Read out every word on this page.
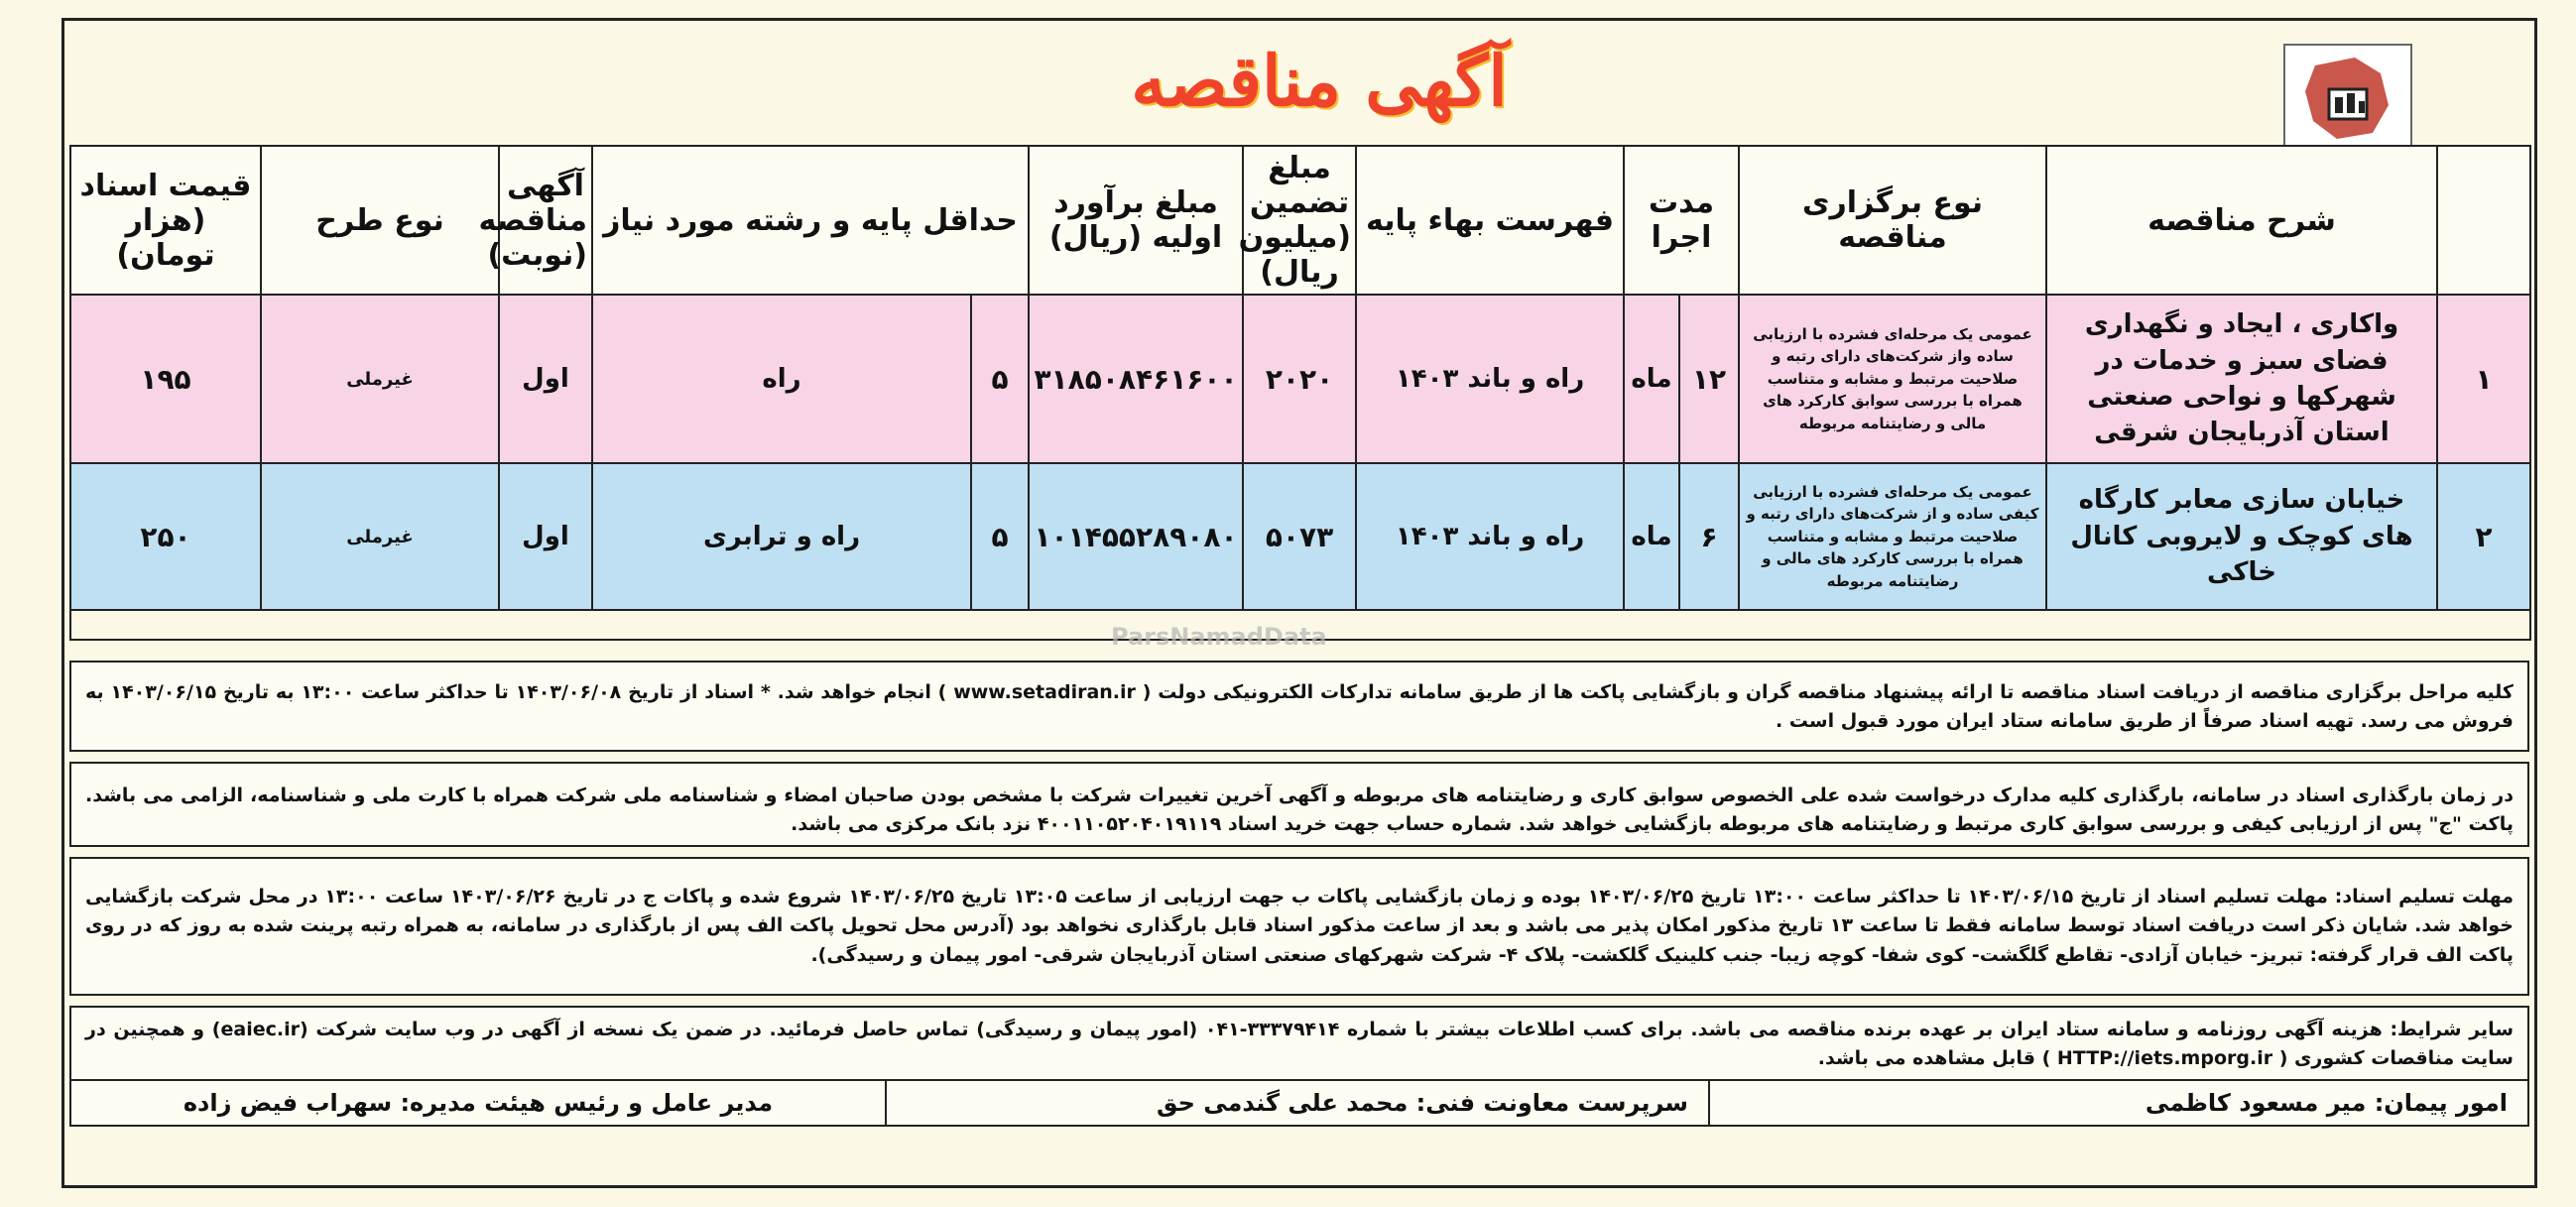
آگهی مناقصه
	شرح مناقصه	نوع برگزاری مناقصه	مدت اجرا		فهرست بهاء پایه	مبلغ تضمین (میلیون ریال)	مبلغ برآورد اولیه (ریال)	حداقل پایه و رشته مورد نیاز		آگهی مناقصه (نوبت)	نوع طرح	قیمت اسناد (هزار تومان)
۱	واکاری ، ایجاد و نگهداری فضای سبز و خدمات در شهرکها و نواحی صنعتی استان آذربایجان شرقی	عمومی یک مرحله‌ای فشرده با ارزیابی ساده واز شرکت‌های دارای رتبه و صلاحیت مرتبط و مشابه و متناسب همراه با بررسی سوابق کارکرد های مالی و رضایتنامه مربوطه	۱۲	ماه	راه و باند ۱۴۰۳	۲۰۲۰	۳۱۸۵۰۸۴۶۱۶۰۰	۵	راه	اول	غیرملی	۱۹۵
۲	خیابان سازی معابر کارگاه های کوچک و لایروبی کانال خاکی	عمومی یک مرحله‌ای فشرده با ارزیابی کیفی ساده و از شرکت‌های دارای رتبه و صلاحیت مرتبط و مشابه و متناسب همراه با بررسی کارکرد های مالی و رضایتنامه مربوطه	۶	ماه	راه و باند ۱۴۰۳	۵۰۷۳	۱۰۱۴۵۵۲۸۹۰۸۰	۵	راه و ترابری	اول	غیرملی	۲۵۰

ParsNamadData
کلیه مراحل برگزاری مناقصه از دریافت اسناد مناقصه تا ارائه پیشنهاد مناقصه گران و بازگشایی پاکت ها از طریق سامانه تدارکات الکترونیکی دولت ( www.setadiran.ir ) انجام خواهد شد. * اسناد از تاریخ ۱۴۰۳/۰۶/۰۸ تا حداکثر ساعت ۱۳:۰۰ به تاریخ ۱۴۰۳/۰۶/۱۵ به فروش می رسد. تهیه اسناد صرفاً از طریق سامانه ستاد ایران مورد قبول است .
در زمان بارگذاری اسناد در سامانه، بارگذاری کلیه مدارک درخواست شده علی الخصوص سوابق کاری و رضایتنامه های مربوطه و آگهی آخرین تغییرات شرکت با مشخص بودن صاحبان امضاء و شناسنامه ملی شرکت همراه با کارت ملی و شناسنامه، الزامی می باشد. پاکت "ج" پس از ارزیابی کیفی و بررسی سوابق کاری مرتبط و رضایتنامه های مربوطه بازگشایی خواهد شد. شماره حساب جهت خرید اسناد ۴۰۰۱۱۰۵۲۰۴۰۱۹۱۱۹ نزد بانک مرکزی می باشد.
مهلت تسلیم اسناد: مهلت تسلیم اسناد از تاریخ ۱۴۰۳/۰۶/۱۵ تا حداکثر ساعت ۱۳:۰۰ تاریخ ۱۴۰۳/۰۶/۲۵ بوده و زمان بازگشایی پاکات ب جهت ارزیابی از ساعت ۱۳:۰۵ تاریخ ۱۴۰۳/۰۶/۲۵ شروع شده و پاکات ج در تاریخ ۱۴۰۳/۰۶/۲۶ ساعت ۱۳:۰۰ در محل شرکت بازگشایی خواهد شد. شایان ذکر است دریافت اسناد توسط سامانه فقط تا ساعت ۱۳ تاریخ مذکور امکان پذیر می باشد و بعد از ساعت مذکور اسناد قابل بارگذاری نخواهد بود (آدرس محل تحویل پاکت الف پس از بارگذاری در سامانه، به همراه رتبه پرینت شده به روز که در روی پاکت الف قرار گرفته: تبریز- خیابان آزادی- تقاطع گلگشت- کوی شفا- کوچه زیبا- جنب کلینیک گلکشت- پلاک ۴- شرکت شهرکهای صنعتی استان آذربایجان شرقی- امور پیمان و رسیدگی).
سایر شرایط: هزینه آگهی روزنامه و سامانه ستاد ایران بر عهده برنده مناقصه می باشد. برای کسب اطلاعات بیشتر با شماره ۳۳۳۷۹۴۱۴-۰۴۱ (امور پیمان و رسیدگی) تماس حاصل فرمائید. در ضمن یک نسخه از آگهی در وب سایت شرکت (eaiec.ir) و همچنین در سایت مناقصات کشوری ( HTTP://iets.mporg.ir ) قابل مشاهده می باشد.
امور پیمان: میر مسعود کاظمی
سرپرست معاونت فنی: محمد علی گندمی حق
مدیر عامل و رئیس هیئت مدیره: سهراب فیض زاده
